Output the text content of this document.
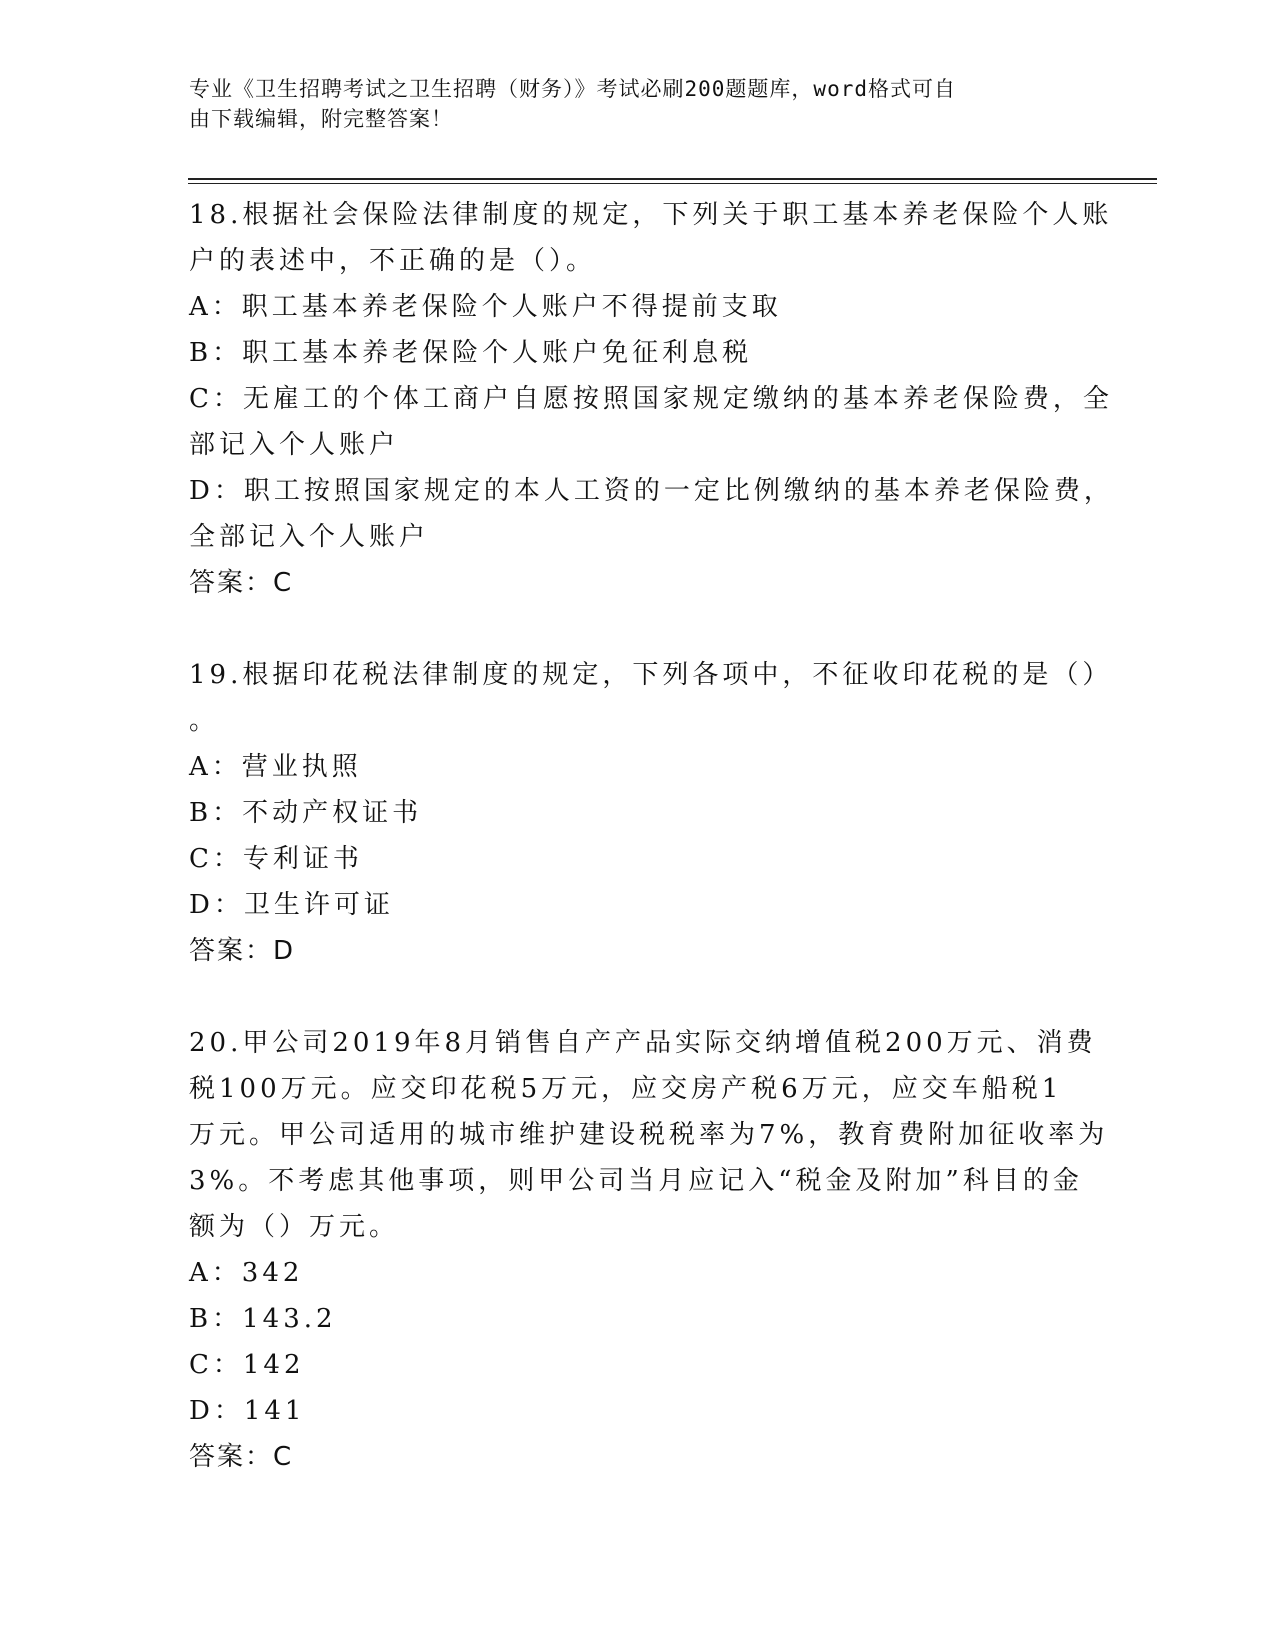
专业《卫生招聘考试之卫生招聘（财务）》考试必刷200题题库，word格式可自
由下载编辑，附完整答案！
18.根据社会保险法律制度的规定，下列关于职工基本养老保险个人账
户的表述中，不正确的是（）。
A：职工基本养老保险个人账户不得提前支取
B：职工基本养老保险个人账户免征利息税
C：无雇工的个体工商户自愿按照国家规定缴纳的基本养老保险费，全
部记入个人账户
D：职工按照国家规定的本人工资的一定比例缴纳的基本养老保险费，
全部记入个人账户
答案：C
19.根据印花税法律制度的规定，下列各项中，不征收印花税的是（）
。
A：营业执照
B：不动产权证书
C：专利证书
D：卫生许可证
答案：D
20.甲公司2019年8月销售自产产品实际交纳增值税200万元、消费
税100万元。应交印花税5万元，应交房产税6万元，应交车船税1
万元。甲公司适用的城市维护建设税税率为7%，教育费附加征收率为
3%。不考虑其他事项，则甲公司当月应记入“税金及附加”科目的金
额为（）万元。
A：342
B：143.2
C：142
D：141
答案：C
